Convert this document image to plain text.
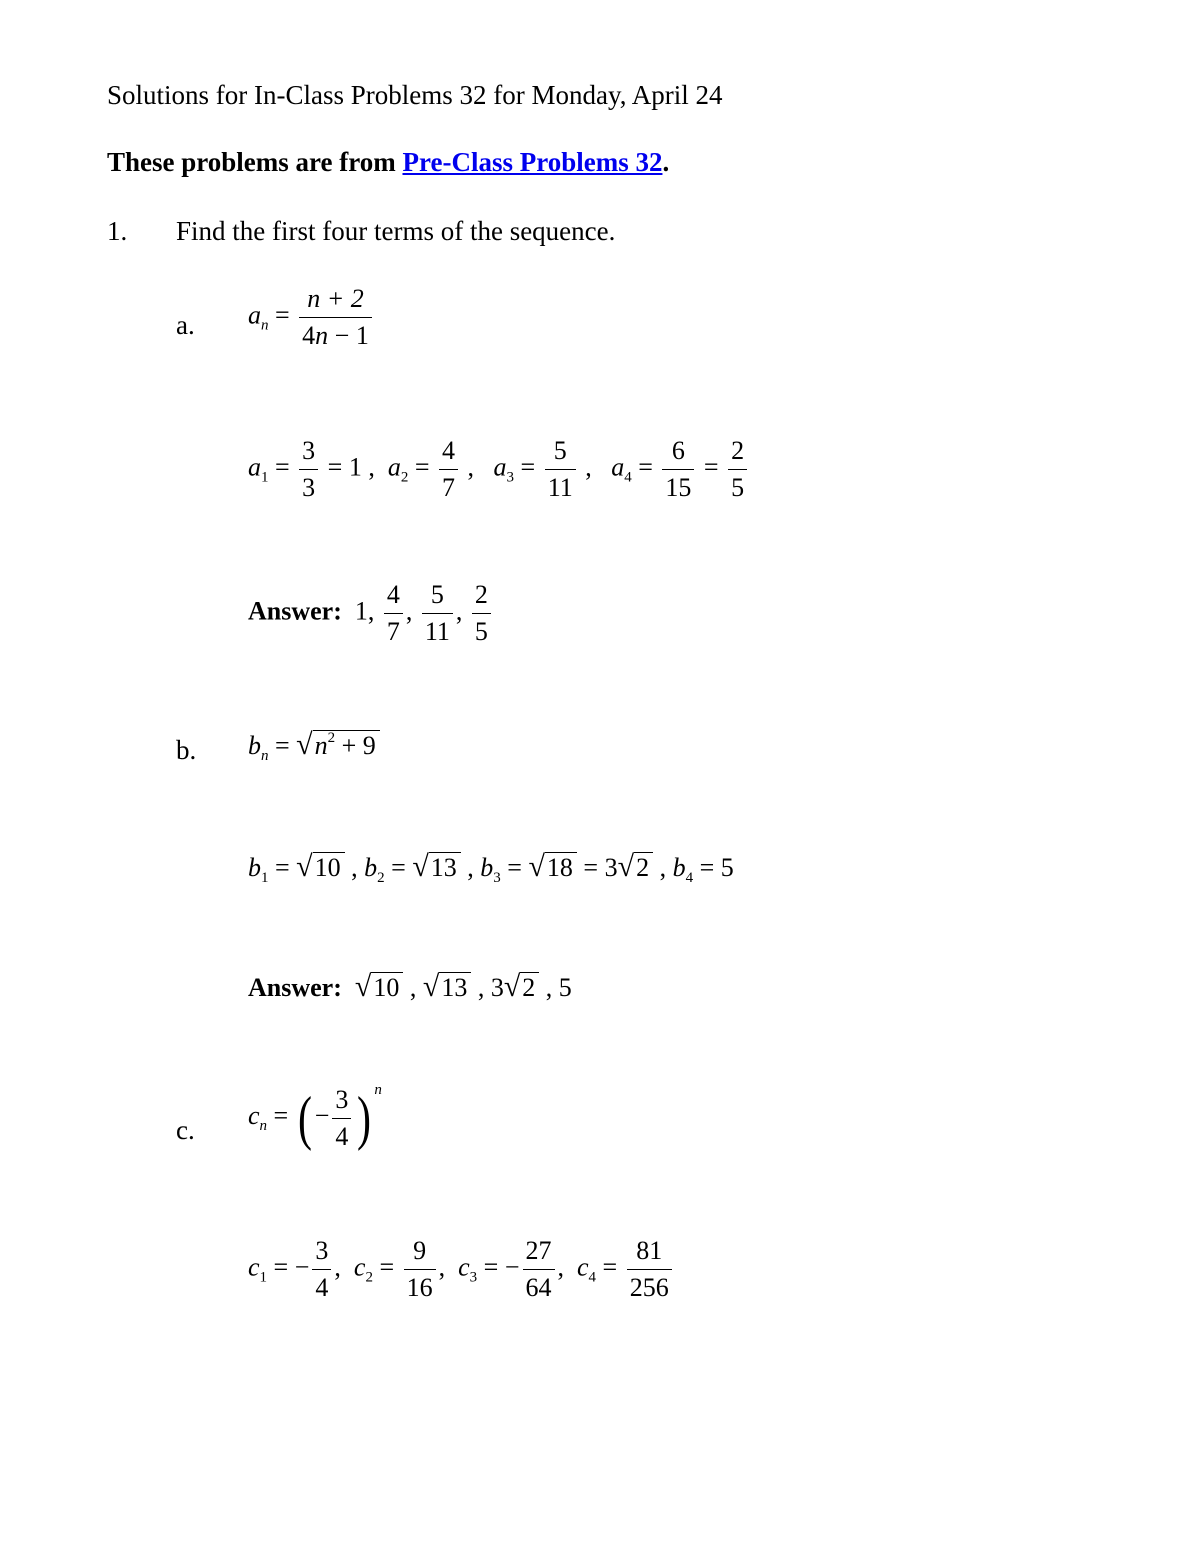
Solutions for In-Class Problems 32 for Monday, April 24
These problems are from Pre-Class Problems 32.
1. Find the first four terms of the sequence.
a. $a_n = \frac{n + 2}{4n - 1}$
$a_1 = \frac{3}{3} = 1$ , $a_2 = \frac{4}{7}$ , $a_3 = \frac{5}{11}$ , $a_4 = \frac{6}{15} = \frac{2}{5}$
Answer: 1, $\frac{4}{7}$ , $\frac{5}{11}$ , $\frac{2}{5}$
b. $b_n = √n^2 + 9$
$b_1 = √10$ , $b_2 = √13$ , $b_3 = √18 = 3√2$ , $b_4 = 5$
Answer: √10 , √13 , 3√2 , 5
c. $c_n$ = ( − $\frac{3}{4}$ ) $^n$
$c_1$ = − $\frac{3}{4}$ , $c_2 = \frac{9}{16}$ , $c_3$ = − $\frac{27}{64}$ , $c_4 = \frac{81}{256}$
